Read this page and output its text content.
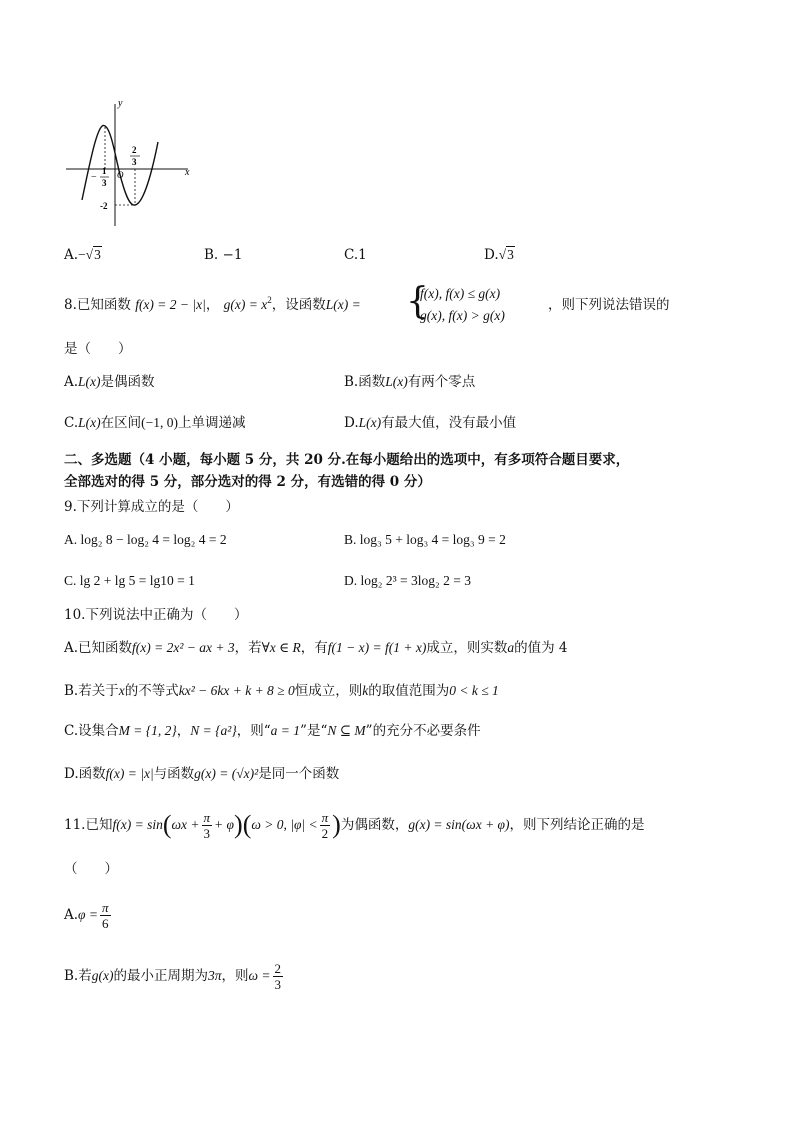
y
x
O
−
1
3
2
3
-2
A.−√3	B. −1	C.1	D.√3
8.已知函数 f(x) = 2 − |x|， $g(x) = x^2$，设函数L(x) = {
f(x), f(x) ≤ g(x)
g(x), f(x) > g(x)
，则下列说法错误的
是（　　）
A.L(x)是偶函数	B.函数L(x)有两个零点
C.L(x)在区间(−1, 0)上单调递减	D.L(x)有最大值，没有最小值
二、多选题（4 小题，每小题 5 分，共 20 分.在每小题给出的选项中，有多项符合题目要求，
全部选对的得 5 分，部分选对的得 2 分，有选错的得 0 分）
9.下列计算成立的是（　　）
A. log₂ 8 − log₂ 4 = log₂ 4 = 2	B. log₃ 5 + log₃ 4 = log₃ 9 = 2
C. lg 2 + lg 5 = lg10 = 1	D. log₂ 2³ = 3log₂ 2 = 3
10.下列说法中正确为（　　）
A.已知函数f(x) = 2x² − ax + 3，若∀x ∈ R，有f(1 − x) = f(1 + x)成立，则实数a的值为 4
B.若关于x的不等式kx² − 6kx + k + 8 ≥ 0恒成立，则k的取值范围为0 < k ≤ 1
C.设集合M = {1, 2}，N = {a²}，则“a = 1”是“N ⊆ M”的充分不必要条件
D.函数f(x) = |x|与函数g(x) = (√x)²是同一个函数
11.已知$f(x) = \sin(\omega x + \frac{\pi}{3} + \varphi)(\omega > 0$, $|\varphi| < \frac{\pi}{2}$ )为偶函数，g(x) = sin(ωx + φ)，则下列结论正确的是
（　　）
$A.\varphi = \frac{\pi}{6}$
B.若g(x)的最小正周期为3π，则$\omega = \frac{2}{3}$
